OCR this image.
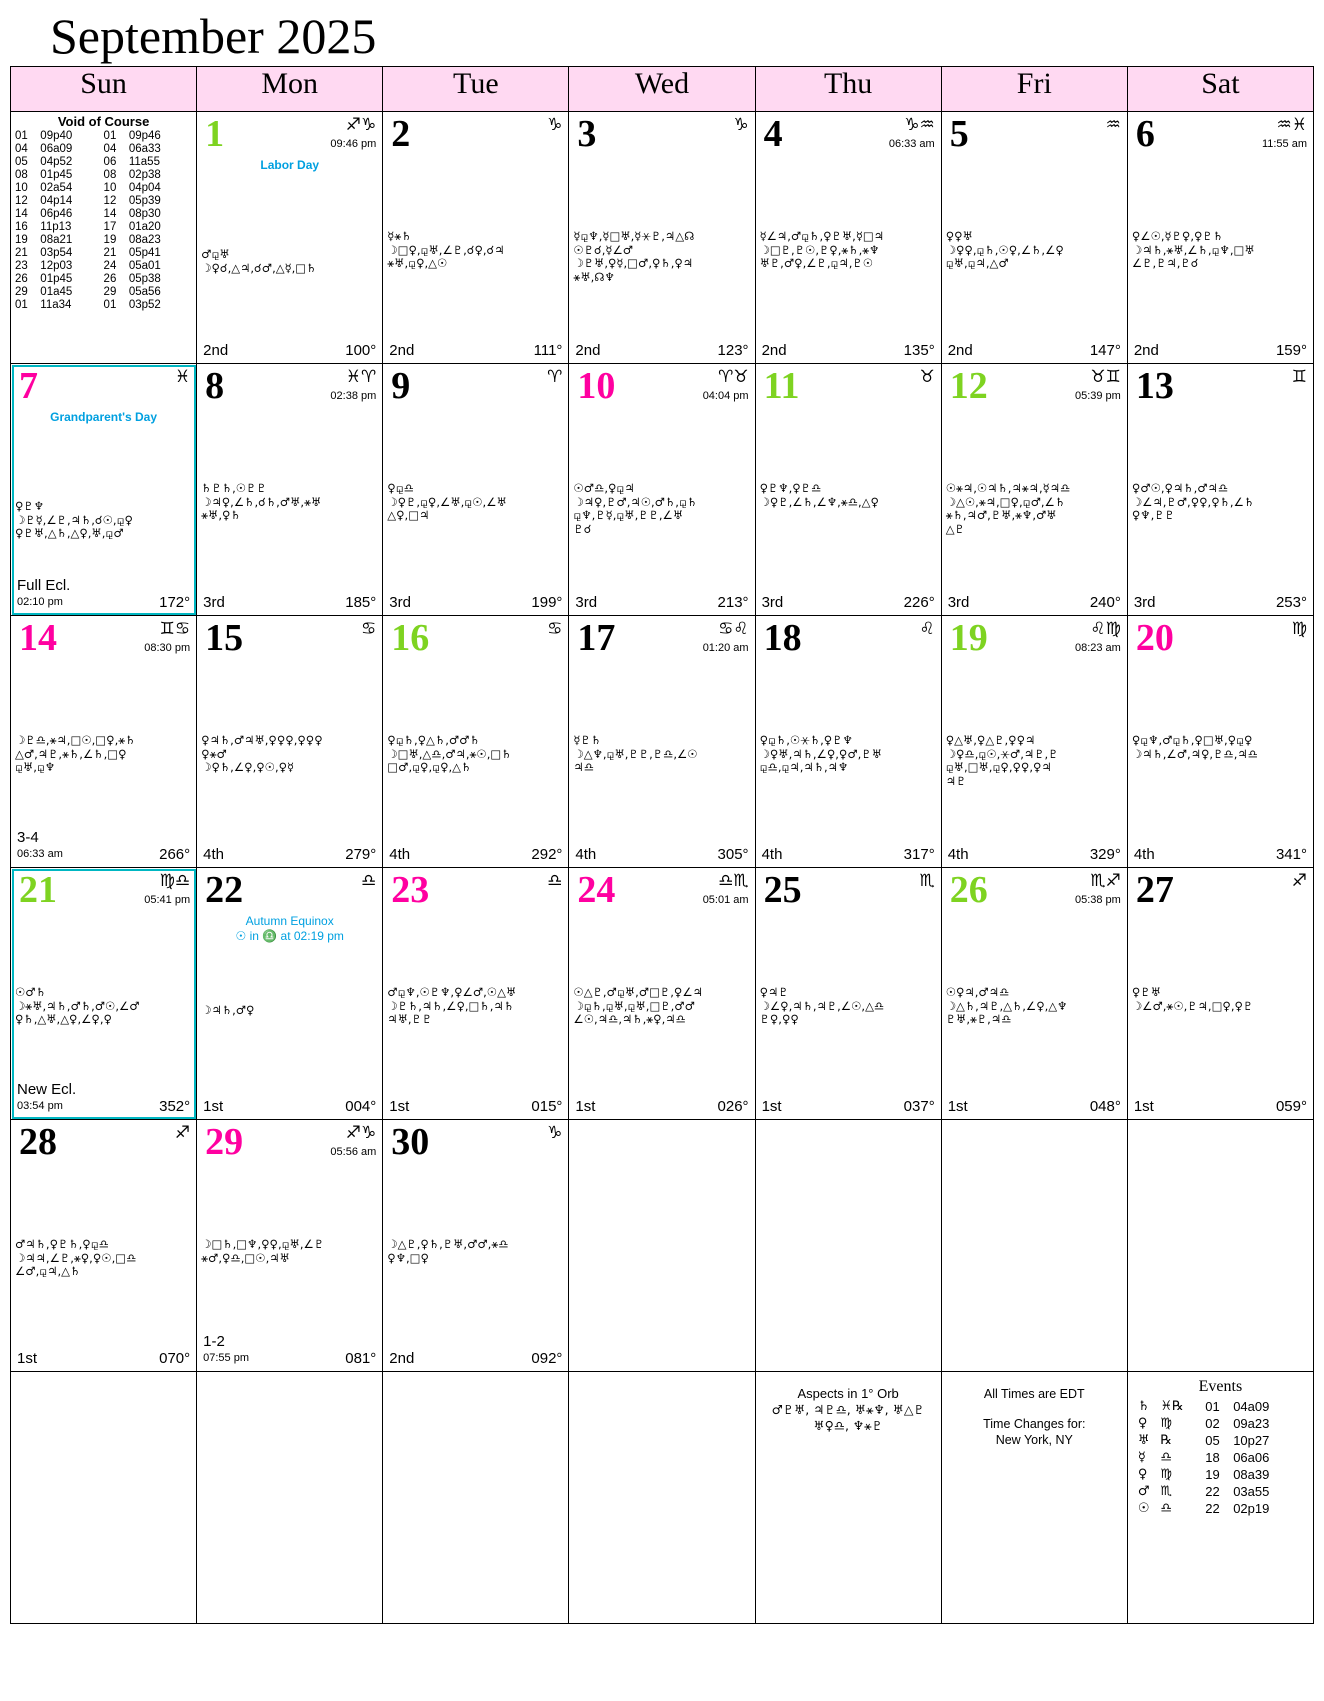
September 2025
Sun	Mon	Tue	Wed	Thu	Fri	Sat

Void of Course
01	09p40	01	09p46
04	06a09	04	06a33
05	04p52	06	11a55
08	01p45	08	02p38
10	02a54	10	04p04
12	04p14	12	05p39
14	06p46	14	08p30
16	11p13	17	01a20
19	08a21	19	08a23
21	03p54	21	05p41
23	12p03	24	05a01
26	01p45	26	05p38
29	01a45	29	05a56
01	11a34	01	03p52

1	♐♑
09:46 pm
Labor Day
♂⚼♅
☽♀☌,△♃,☌♂,△☿,□♄
2nd	100°

2	♑
☿⚹♄
☽□♀,⚼♅,∠♇,☌♀,☌♃
⚹♅,⚼♀,△☉
2nd	111°

3	♑
☿⚼♆,☿□♅,☿⚹♇,♃△☊
☉♇☌,☿∠♂
☽♇♅,♀☿,□♂,♀♄,♀♃
⚹♅,☊♆
2nd	123°

4	♑♒
06:33 am
☿∠♃,♂⚼♄,♀♇♅,☿□♃
☽□♇,♇☉,♇♀,⚹♄,⚹♆
♅♇,♂♀,∠♇,⚼♃,♇☉
2nd	135°

5	♒
♀♀♅
☽♀♀,⚼♄,☉♀,∠♄,∠♀
⚼♅,⚼♃,△♂
2nd	147°

6	♒♓
11:55 am
♀∠☉,☿♇♀,♀♇♄
☽♃♄,⚹♅,∠♄,⚼♆,□♅
∠♇,♇♃,♇☌
2nd	159°

7	♓
Grandparent's Day
♀♇♆
☽♇☿,∠♇,♃♄,☌☉,⚼♀
♀♇♅,△♄,△♀,♅,⚼♂
Full Ecl.
02:10 pm	172°

8	♓♈
02:38 pm
♄♇♄,☉♇♇
☽♃♀,∠♄,☌♄,♂♅,⚹♅
⚹♅,♀♄
3rd	185°

9	♈
♀⚼♎
☽♀♇,⚼♀,∠♅,⚼☉,∠♅
△♀,□♃
3rd	199°

10	♈♉
04:04 pm
☉♂♎,♀⚼♃
☽♃♀,♇♂,♃☉,♂♄,⚼♄
⚼♆,♇☿,⚼♅,♇♇,∠♅
♇☌
3rd	213°

11	♉
♀♇♆,♀♇♎
☽♀♇,∠♄,∠♆,⚹♎,△♀
3rd	226°

12	♉♊
05:39 pm
☉⚹♃,☉♃♄,♃⚹♃,☿♃♎
☽△☉,⚹♃,□♀,⚼♂,∠♄
⚹♄,♃♂,♇♅,⚹♆,♂♅
△♇
3rd	240°

13	♊
♀♂☉,♀♃♄,♂♃♎
☽∠♃,♇♂,♀♀,♀♄,∠♄
♀♆,♇♇
3rd	253°

14	♊♋
08:30 pm
☽♇♎,⚹♃,□☉,□♀,⚹♄
△♂,♃♇,⚹♄,∠♄,□♀
⚼♅,⚼♆
3-4
06:33 am	266°

15	♋
♀♃♄,♂♃♅,♀♀♀,♀♀♀
♀⚹♂
☽♀♄,∠♀,♀☉,♀☿
4th	279°

16	♋
♀⚼♄,♀△♄,♂♂♄
☽□♅,△♎,♂♃,⚹☉,□♄
□♂,⚼♀,⚼♀,△♄
4th	292°

17	♋♌
01:20 am
☿♇♄
☽△♆,⚼♅,♇♇,♇♎,∠☉
♃♎
4th	305°

18	♌
♀⚼♄,☉⚹♄,♀♇♆
☽♀♅,♃♄,∠♀,♀♂,♇♅
⚼♎,⚼♃,♃♄,♃♆
4th	317°

19	♌♍
08:23 am
♀△♅,♀△♇,♀♀♃
☽♀♎,⚼☉,⚹♂,♃♇,♇
⚼♅,□♅,⚼♀,♀♀,♀♃
♃♇
4th	329°

20	♍
♀⚼♆,♂⚼♄,♀□♅,♀⚼♀
☽♃♄,∠♂,♃♀,♇♎,♃♎
4th	341°

21	♍♎
05:41 pm
☉♂♄
☽⚹♅,♃♄,♂♄,♂☉,∠♂
♀♄,△♅,△♀,∠♀,♀
New Ecl.
03:54 pm	352°

22	♎
Autumn Equinox
☉ in ♎ at 02:19 pm
☽♃♄,♂♀
1st	004°

23	♎
♂⚼♆,☉♇♆,♀∠♂,☉△♅
☽♇♄,♃♄,∠♀,□♄,♃♄
♃♅,♇♇
1st	015°

24	♎♏
05:01 am
☉△♇,♂⚼♅,♂□♇,♀∠♃
☽⚼♄,⚼♅,⚼♅,□♇,♂♂
∠☉,♃♎,♃♄,⚹♀,♃♎
1st	026°

25	♏
♀♃♇
☽∠♀,♃♄,♃♇,∠☉,△♎
♇♀,♀♀
1st	037°

26	♏♐
05:38 pm
☉♀♃,♂♃♎
☽△♄,♃♇,△♄,∠♀,△♆
♇♅,⚹♇,♃♎
1st	048°

27	♐
♀♇♅
☽∠♂,⚹☉,♇♃,□♀,♀♇
1st	059°

28	♐
♂♃♄,♀♇♄,♀⚼♎
☽♃♃,∠♇,⚹♀,♀☉,□♎
∠♂,⚼♃,△♄
1st	070°

29	♐♑
05:56 am
☽□♄,□♆,♀♀,⚼♅,∠♇
⚹♂,♀♎,□☉,♃♅
1-2
07:55 pm	081°

30	♑
☽△♇,♀♄,♇♅,♂♂,⚹♎
♀♆,□♀
2nd	092°

Aspects in 1° Orb
♂♇♅, ♃♇♎, ♅⚹♆, ♅△♇
♅♀♎, ♆⚹♇

All Times are EDT
Time Changes for:
New York, NY

Events
♄	♓℞	01	04a09
♀	♍	02	09a23
♅	℞	05	10p27
☿	♎	18	06a06
♀	♍	19	08a39
♂	♏	22	03a55
☉	♎	22	02p19
